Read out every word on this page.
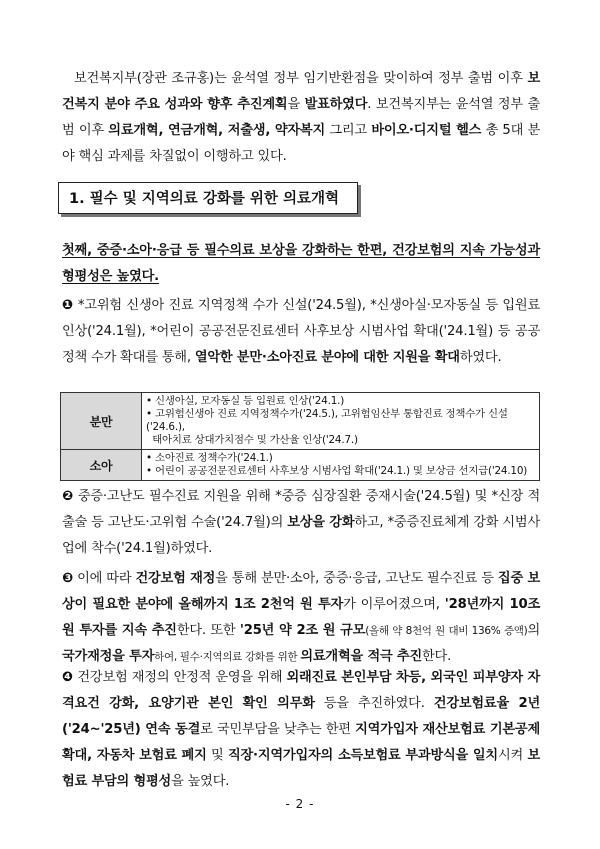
보건복지부(장관 조규홍)는 윤석열 정부 임기반환점을 맞이하여 정부 출범 이후 보건복지 분야 주요 성과와 향후 추진계획을 발표하였다. 보건복지부는 윤석열 정부 출범 이후 의료개혁, 연금개혁, 저출생, 약자복지 그리고 바이오·디지털 헬스 총 5대 분야 핵심 과제를 차질없이 이행하고 있다.
1. 필수 및 지역의료 강화를 위한 의료개혁
첫째, 중증·소아·응급 등 필수의료 보상을 강화하는 한편, 건강보험의 지속 가능성과 형평성은 높였다.
❶ *고위험 신생아 진료 지역정책 수가 신설('24.5월), *신생아실·모자동실 등 입원료 인상('24.1월), *어린이 공공전문진료센터 사후보상 시범사업 확대('24.1월) 등 공공정책 수가 확대를 통해, 열악한 분만·소아진료 분야에 대한 지원을 확대하였다.
분만	• 신생아실, 모자동실 등 입원료 인상('24.1.)
• 고위험신생아 진료 지역정책수가('24.5.), 고위험임산부 통합진료 정책수가 신설('24.6.),
태아치료 상대가치점수 및 가산율 인상('24.7.)

소아	• 소아진료 정책수가('24.1.)
• 어린이 공공전문진료센터 사후보상 시범사업 확대('24.1.) 및 보상금 선지급('24.10)
❷ 중증·고난도 필수진료 지원을 위해 *중증 심장질환 중재시술('24.5월) 및 *신장 적출술 등 고난도·고위험 수술('24.7월)의 보상을 강화하고, *중증진료체계 강화 시범사업에 착수('24.1월)하였다.
❸ 이에 따라 건강보험 재정을 통해 분만·소아, 중증·응급, 고난도 필수진료 등 집중 보상이 필요한 분야에 올해까지 1조 2천억 원 투자가 이루어졌으며, '28년까지 10조 원 투자를 지속 추진한다. 또한 '25년 약 2조 원 규모(올해 약 8천억 원 대비 136% 증액)의 국가재정을 투자하여, 필수·지역의료 강화를 위한 의료개혁을 적극 추진한다.
❹ 건강보험 재정의 안정적 운영을 위해 외래진료 본인부담 차등, 외국인 피부양자 자격요건 강화, 요양기관 본인 확인 의무화 등을 추진하였다. 건강보험료율 2년('24~'25년) 연속 동결로 국민부담을 낮추는 한편 지역가입자 재산보험료 기본공제 확대, 자동차 보험료 폐지 및 직장·지역가입자의 소득보험료 부과방식을 일치시켜 보험료 부담의 형평성을 높였다.
- 2 -
